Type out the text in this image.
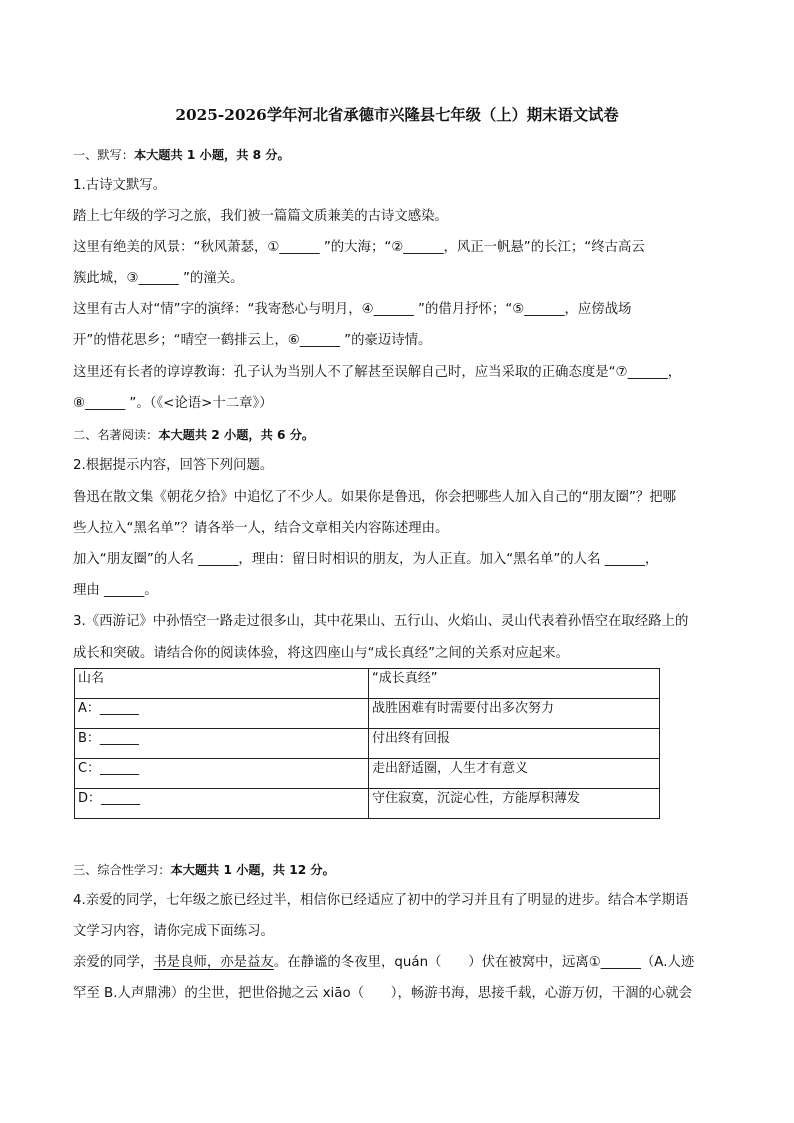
2025-2026学年河北省承德市兴隆县七年级（上）期末语文试卷
一、默写：本大题共 1 小题，共 8 分。
1.古诗文默写。
踏上七年级的学习之旅，我们被一篇篇文质兼美的古诗文感染。
这里有绝美的风景：“秋风萧瑟，①______ ”的大海；“②______，风正一帆悬”的长江；“终古高云
簇此城，③______ ”的潼关。
这里有古人对“情”字的演绎：“我寄愁心与明月，④______ ”的借月抒怀；“⑤______，应傍战场
开”的惜花思乡；“晴空一鹤排云上，⑥______ ”的豪迈诗情。
这里还有长者的谆谆教诲：孔子认为当别人不了解甚至误解自己时，应当采取的正确态度是“⑦______，
⑧______ ”。（《<论语>十二章》）
二、名著阅读：本大题共 2 小题，共 6 分。
2.根据提示内容，回答下列问题。
鲁迅在散文集《朝花夕拾》中追忆了不少人。如果你是鲁迅，你会把哪些人加入自己的“朋友圈”？把哪
些人拉入“黑名单”？请各举一人，结合文章相关内容陈述理由。
加入“朋友圈”的人名 ______，理由：留日时相识的朋友，为人正直。加入“黑名单”的人名 ______，
理由 ______。
3.《西游记》中孙悟空一路走过很多山，其中花果山、五行山、火焰山、灵山代表着孙悟空在取经路上的
成长和突破。请结合你的阅读体验，将这四座山与“成长真经”之间的关系对应起来。
山名	“成长真经”
A：______	战胜困难有时需要付出多次努力
B：______	付出终有回报
C：______	走出舒适圈，人生才有意义
D：______	守住寂寞，沉淀心性，方能厚积薄发
三、综合性学习：本大题共 1 小题，共 12 分。
4.亲爱的同学，七年级之旅已经过半，相信你已经适应了初中的学习并且有了明显的进步。结合本学期语
文学习内容，请你完成下面练习。
亲爱的同学，书是良师，亦是益友。在静谧的冬夜里，quán（　　）伏在被窝中，远离①______（A.人迹
罕至 B.人声鼎沸）的尘世，把世俗抛之云 xiāo（　　），畅游书海，思接千载，心游万仞，干涸的心就会
